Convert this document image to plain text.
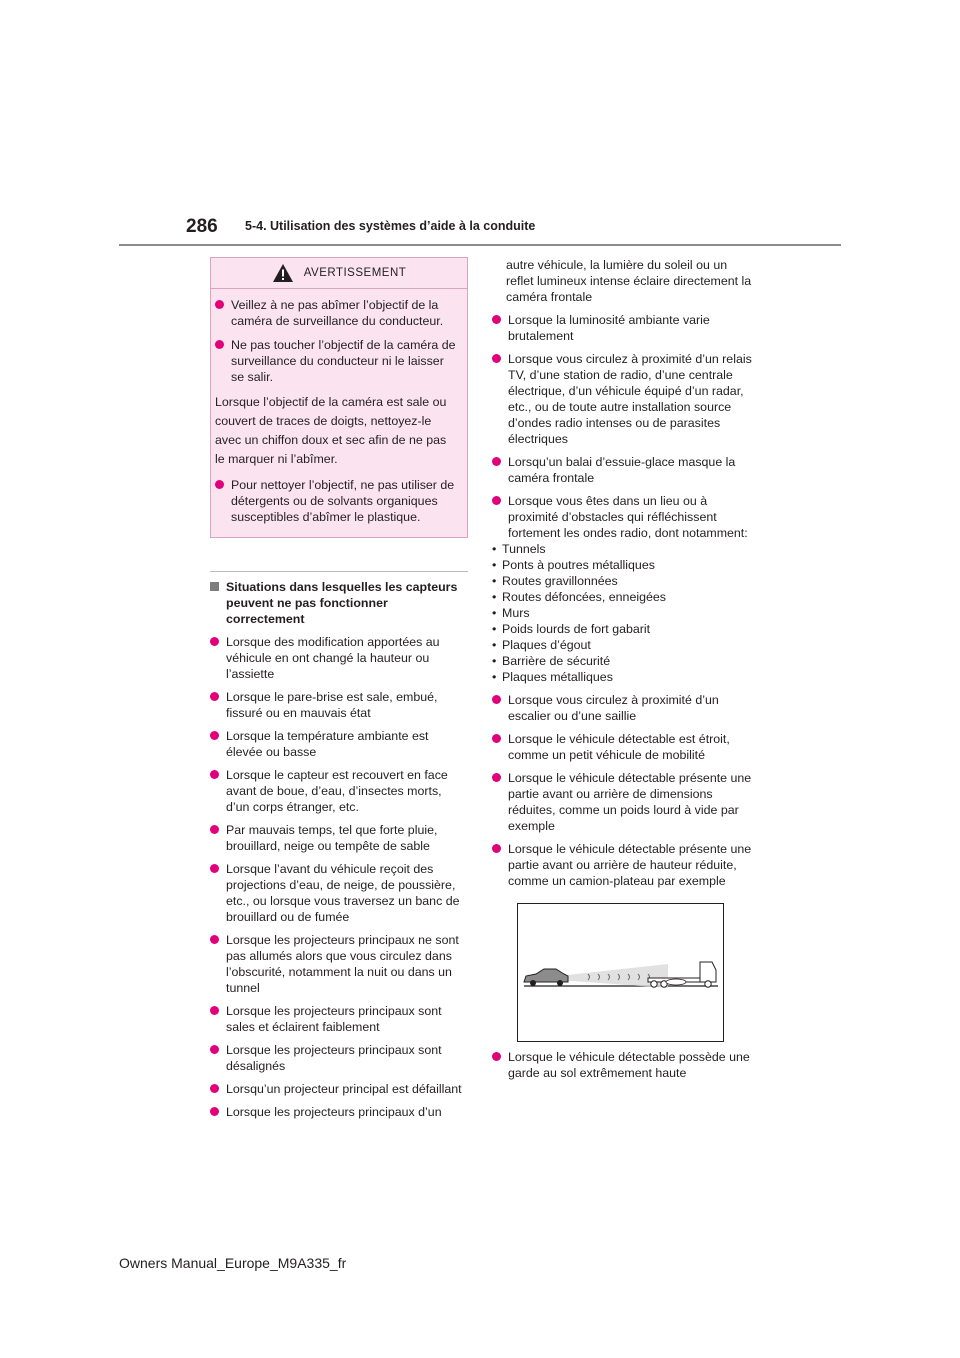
286 5-4. Utilisation des systèmes d’aide à la conduite
AVERTISSEMENT
Veillez à ne pas abîmer l’objectif de la caméra de surveillance du conducteur.
Ne pas toucher l’objectif de la caméra de surveillance du conducteur ni le laisser se salir.
Lorsque l’objectif de la caméra est sale ou
couvert de traces de doigts, nettoyez-le
avec un chiffon doux et sec afin de ne pas
le marquer ni l’abîmer.
Pour nettoyer l’objectif, ne pas utiliser de détergents ou de solvants organiques susceptibles d’abîmer le plastique.
Situations dans lesquelles les capteurs peuvent ne pas fonctionner correctement
Lorsque des modification apportées au véhicule en ont changé la hauteur ou l’assiette
Lorsque le pare-brise est sale, embué, fissuré ou en mauvais état
Lorsque la température ambiante est élevée ou basse
Lorsque le capteur est recouvert en face avant de boue, d’eau, d’insectes morts, d’un corps étranger, etc.
Par mauvais temps, tel que forte pluie, brouillard, neige ou tempête de sable
Lorsque l’avant du véhicule reçoit des projections d’eau, de neige, de poussière, etc., ou lorsque vous traversez un banc de brouillard ou de fumée
Lorsque les projecteurs principaux ne sont pas allumés alors que vous circulez dans l’obscurité, notamment la nuit ou dans un tunnel
Lorsque les projecteurs principaux sont sales et éclairent faiblement
Lorsque les projecteurs principaux sont désalignés
Lorsqu’un projecteur principal est défaillant
Lorsque les projecteurs principaux d’un
autre véhicule, la lumière du soleil ou un reflet lumineux intense éclaire directement la caméra frontale
Lorsque la luminosité ambiante varie brutalement
Lorsque vous circulez à proximité d’un relais TV, d’une station de radio, d’une centrale électrique, d’un véhicule équipé d’un radar, etc., ou de toute autre installation source d’ondes radio intenses ou de parasites électriques
Lorsqu’un balai d’essuie-glace masque la caméra frontale
Lorsque vous êtes dans un lieu ou à proximité d’obstacles qui réfléchissent fortement les ondes radio, dont notamment:
• Tunnels
• Ponts à poutres métalliques
• Routes gravillonnées
• Routes défoncées, enneigées
• Murs
• Poids lourds de fort gabarit
• Plaques d’égout
• Barrière de sécurité
• Plaques métalliques
Lorsque vous circulez à proximité d’un escalier ou d’une saillie
Lorsque le véhicule détectable est étroit, comme un petit véhicule de mobilité
Lorsque le véhicule détectable présente une partie avant ou arrière de dimensions réduites, comme un poids lourd à vide par exemple
Lorsque le véhicule détectable présente une partie avant ou arrière de hauteur réduite, comme un camion-plateau par exemple
Lorsque le véhicule détectable possède une garde au sol extrêmement haute
Owners Manual_Europe_M9A335_fr
